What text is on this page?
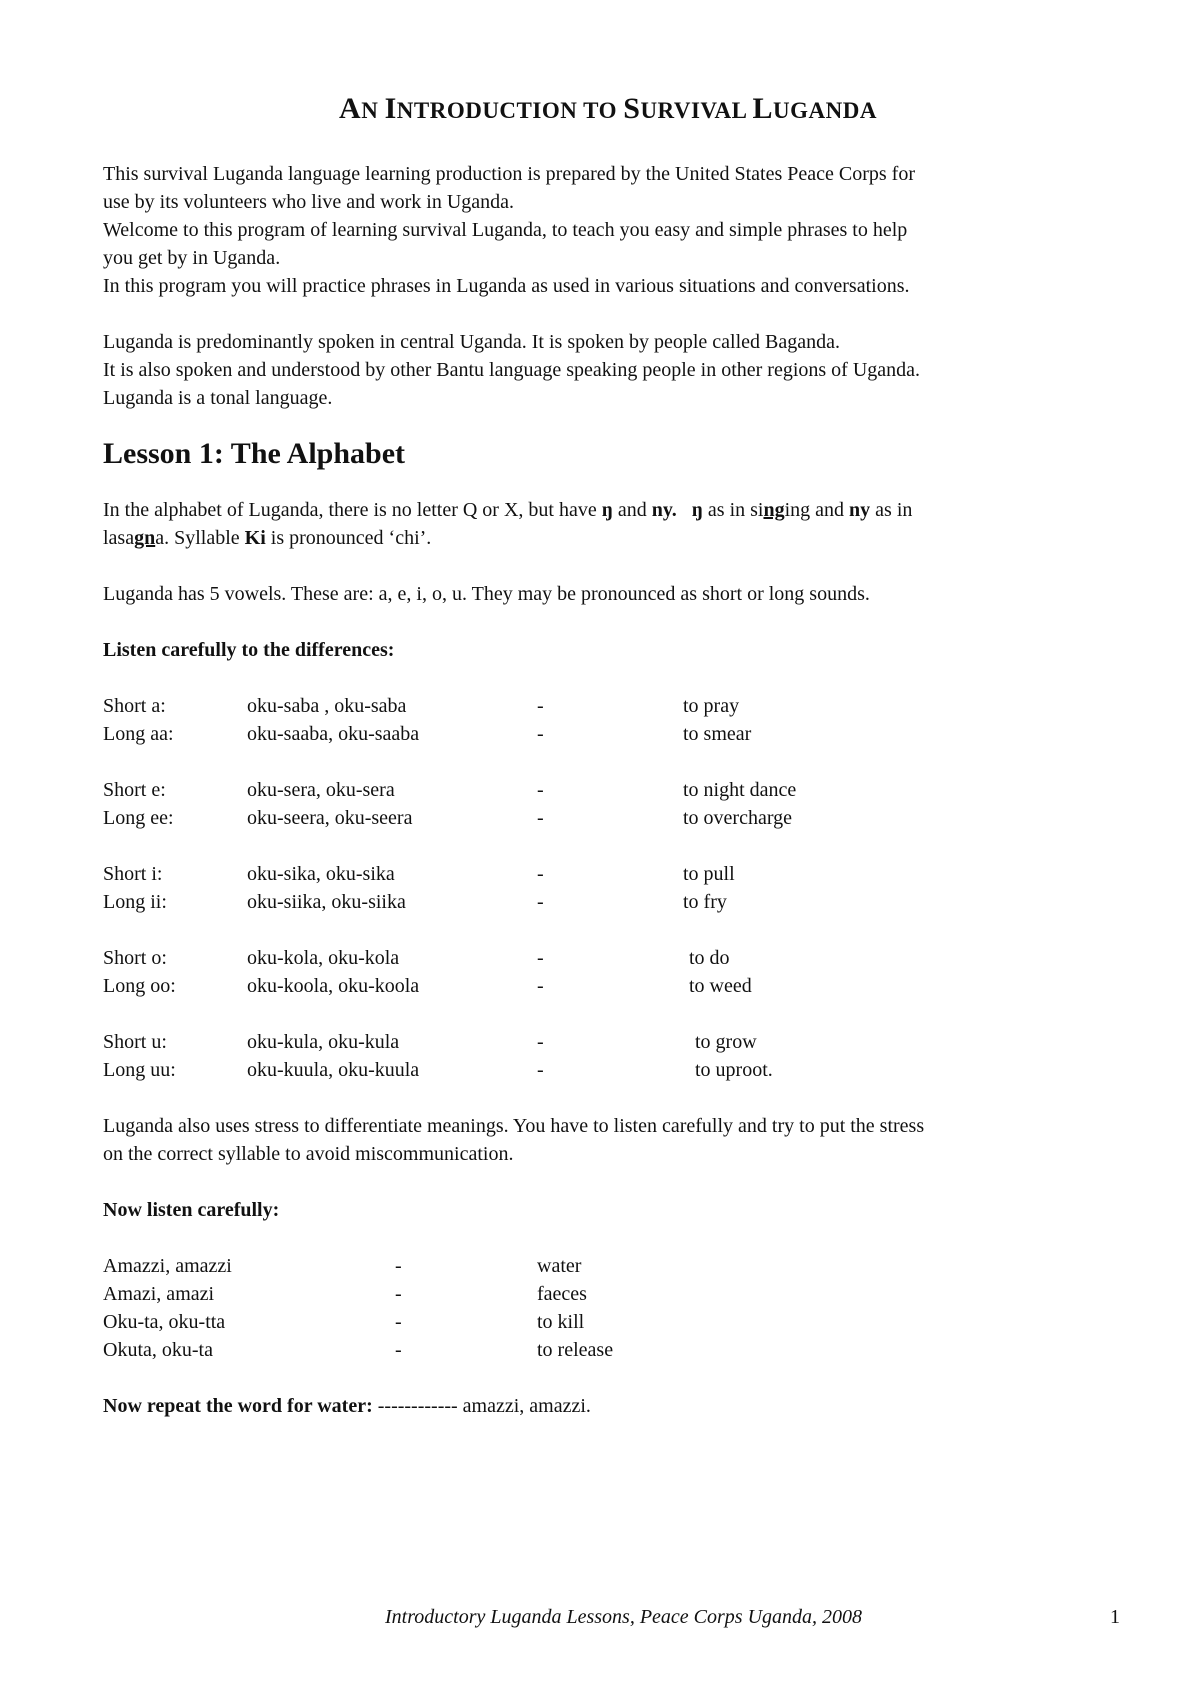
AN INTRODUCTION TO SURVIVAL LUGANDA

This survival Luganda language learning production is prepared by the United States Peace Corps for

use by its volunteers who live and work in Uganda.

Welcome to this program of learning survival Luganda, to teach you easy and simple phrases to help

you get by in Uganda.

In this program you will practice phrases in Luganda as used in various situations and conversations.

Luganda is predominantly spoken in central Uganda. It is spoken by people called Baganda.

It is also spoken and understood by other Bantu language speaking people in other regions of Uganda.

Luganda is a tonal language.

Lesson 1: The Alphabet

In the alphabet of Luganda, there is no letter Q or X, but have ŋ and ny. ŋ as in singing and ny as in

lasagna. Syllable Ki is pronounced ‘chi’.

Luganda has 5 vowels. These are: a, e, i, o, u. They may be pronounced as short or long sounds.
Listen carefully to the differences:
Short a:	oku-saba , oku-saba	-	to pray
Long aa:	oku-saaba, oku-saaba	-	to smear
Short e:	oku-sera, oku-sera	-	to night dance
Long ee:	oku-seera, oku-seera	-	to overcharge
Short i:	oku-sika, oku-sika	-	to pull
Long ii:	oku-siika, oku-siika	-	to fry
Short o:	oku-kola, oku-kola	-	to do
Long oo:	oku-koola, oku-koola	-	to weed
Short u:	oku-kula, oku-kula	-	to grow
Long uu:	oku-kuula, oku-kuula	-	to uproot.

Luganda also uses stress to differentiate meanings. You have to listen carefully and try to put the stress

on the correct syllable to avoid miscommunication.

Now listen carefully:
Amazzi, amazzi	-	water
Amazi, amazi	-	faeces
Oku-ta, oku-tta	-	to kill
Okuta, oku-ta	-	to release
Now repeat the word for water: ------------ amazzi, amazzi.
Introductory Luganda Lessons, Peace Corps Uganda, 2008	1
